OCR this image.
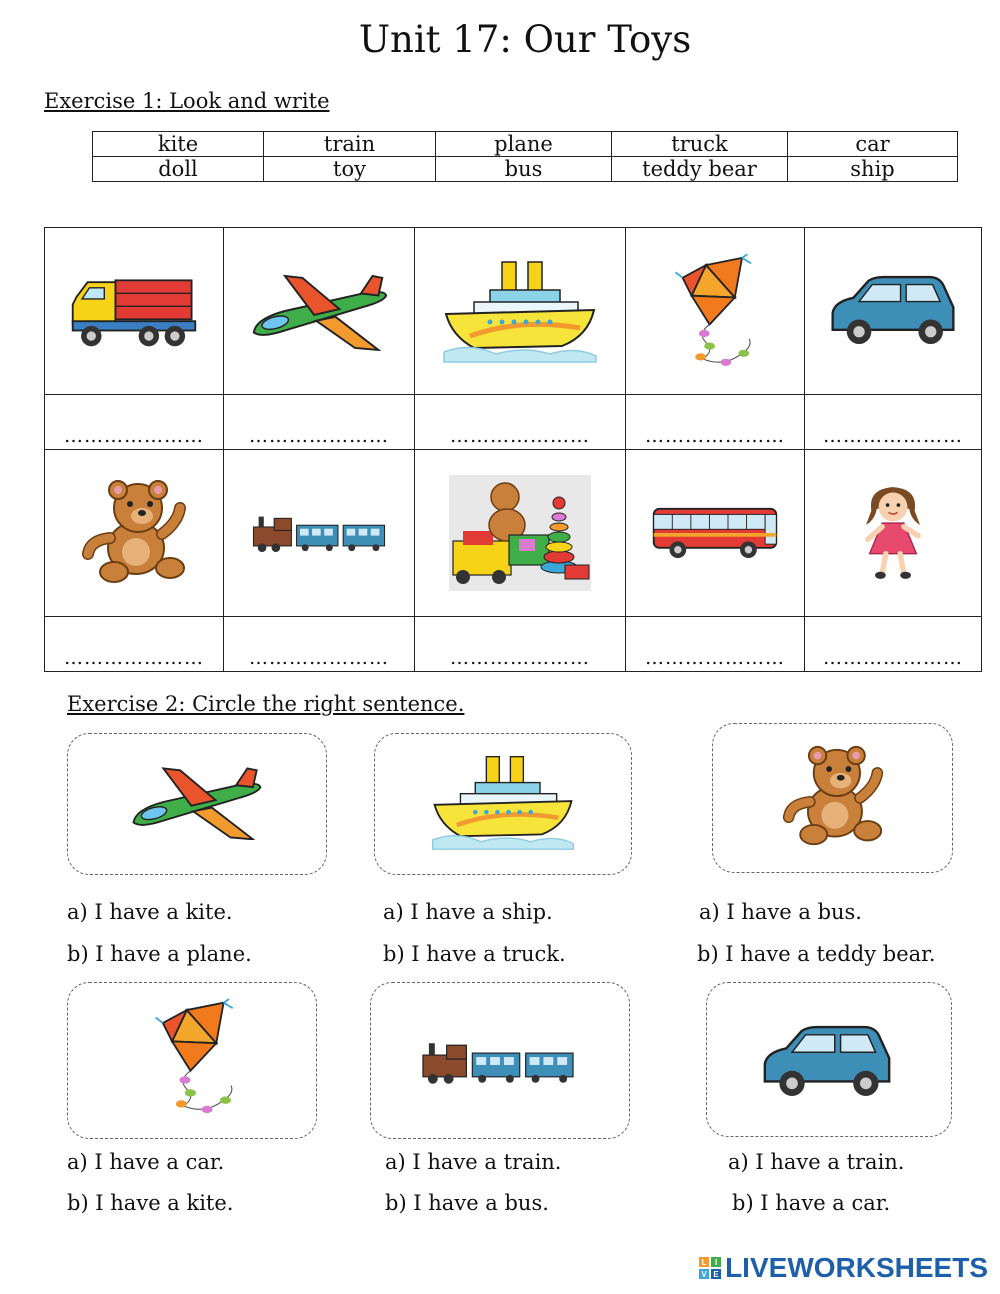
Unit 17: Our Toys
Exercise 1: Look and write
kite	train	plane	truck	car
doll	toy	bus	teddy bear	ship

…………………	…………………	…………………	…………………	…………………

…………………	…………………	…………………	…………………	…………………
Exercise 2: Circle the right sentence.
a) I have a kite.
b) I have a plane.
a) I have a ship.
b) I have a truck.
a) I have a bus.
b) I have a teddy bear.
a) I have a car.
b) I have a kite.
a) I have a train.
b) I have a bus.
a) I have a train.
b) I have a car.
L	I
V E LIVEWORKSHEETS
